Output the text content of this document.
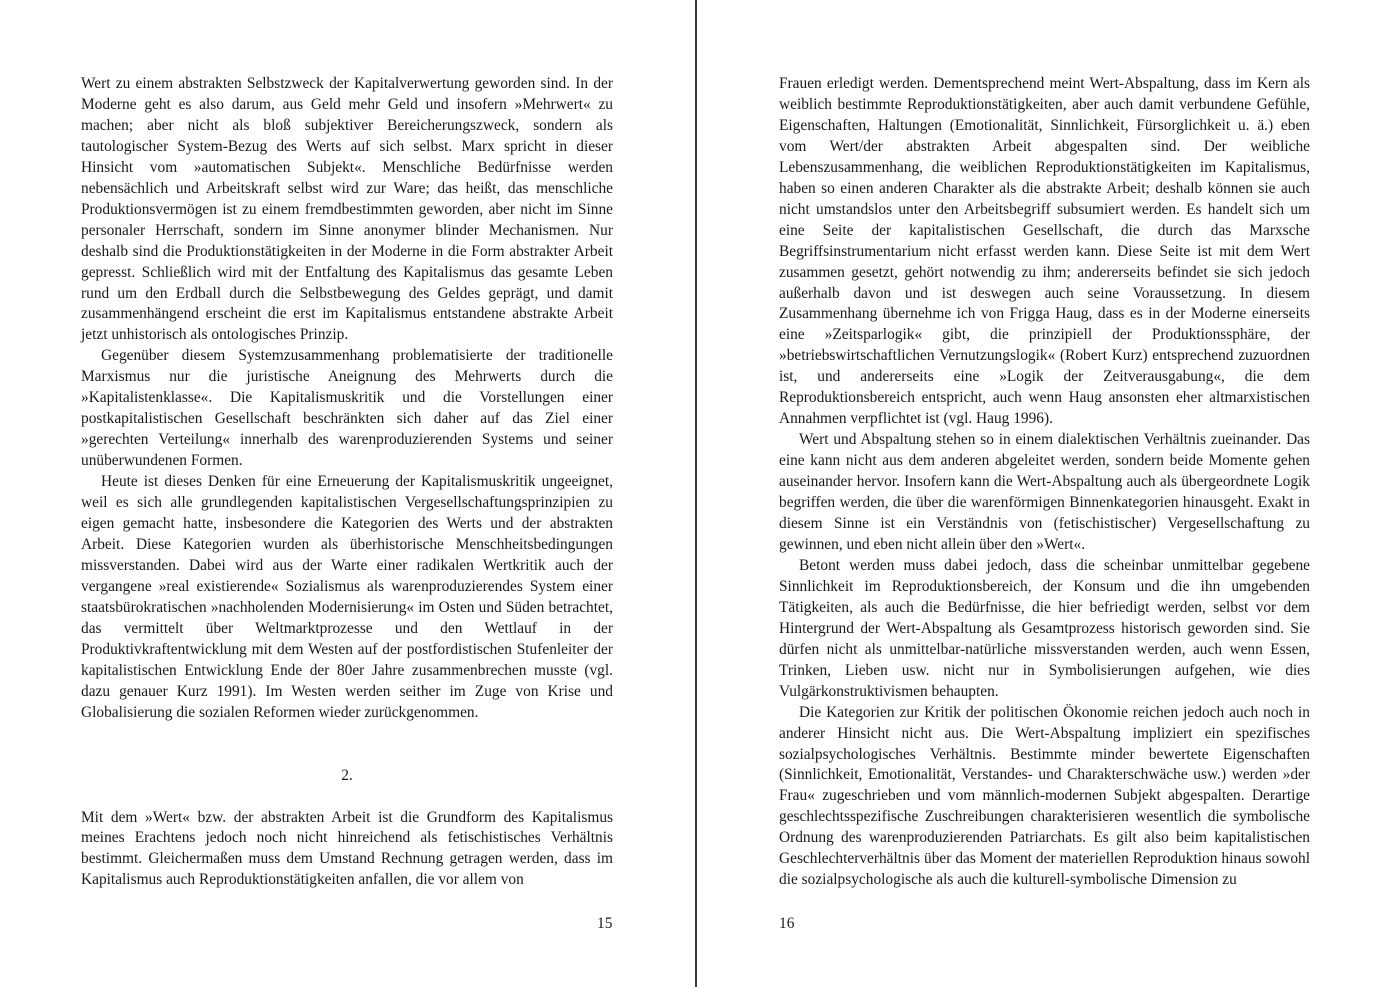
Wert zu einem abstrakten Selbstzweck der Kapitalverwertung geworden sind. In der Moderne geht es also darum, aus Geld mehr Geld und insofern »Mehrwert« zu machen; aber nicht als bloß subjektiver Bereicherungszweck, sondern als tautologischer System-Bezug des Werts auf sich selbst. Marx spricht in dieser Hinsicht vom »automatischen Subjekt«. Menschliche Bedürfnisse werden nebensächlich und Arbeitskraft selbst wird zur Ware; das heißt, das menschliche Produktionsvermögen ist zu einem fremdbestimmten geworden, aber nicht im Sinne personaler Herrschaft, sondern im Sinne anonymer blinder Mechanismen. Nur deshalb sind die Produktionstätigkeiten in der Moderne in die Form abstrakter Arbeit gepresst. Schließlich wird mit der Entfaltung des Kapitalismus das gesamte Leben rund um den Erdball durch die Selbstbewegung des Geldes geprägt, und damit zusammenhängend erscheint die erst im Kapitalismus entstandene abstrakte Arbeit jetzt unhistorisch als ontologisches Prinzip.

Gegenüber diesem Systemzusammenhang problematisierte der traditionelle Marxismus nur die juristische Aneignung des Mehrwerts durch die »Kapitalistenklasse«. Die Kapitalismuskritik und die Vorstellungen einer postkapitalistischen Gesellschaft beschränkten sich daher auf das Ziel einer »gerechten Verteilung« innerhalb des warenproduzierenden Systems und seiner unüberwundenen Formen.

Heute ist dieses Denken für eine Erneuerung der Kapitalismuskritik ungeeignet, weil es sich alle grundlegenden kapitalistischen Vergesellschaftungsprinzipien zu eigen gemacht hatte, insbesondere die Kategorien des Werts und der abstrakten Arbeit. Diese Kategorien wurden als überhistorische Menschheitsbedingungen missverstanden. Dabei wird aus der Warte einer radikalen Wertkritik auch der vergangene »real existierende« Sozialismus als warenproduzierendes System einer staatsbürokratischen »nachholenden Modernisierung« im Osten und Süden betrachtet, das vermittelt über Weltmarktprozesse und den Wettlauf in der Produktivkraftentwicklung mit dem Westen auf der postfordistischen Stufenleiter der kapitalistischen Entwicklung Ende der 80er Jahre zusammenbrechen musste (vgl. dazu genauer Kurz 1991). Im Westen werden seither im Zuge von Krise und Globalisierung die sozialen Reformen wieder zurückgenommen.

2.

Mit dem »Wert« bzw. der abstrakten Arbeit ist die Grundform des Kapitalismus meines Erachtens jedoch noch nicht hinreichend als fetischistisches Verhältnis bestimmt. Gleichermaßen muss dem Umstand Rechnung getragen werden, dass im Kapitalismus auch Reproduktionstätigkeiten anfallen, die vor allem von

15

Frauen erledigt werden. Dementsprechend meint Wert-Abspaltung, dass im Kern als weiblich bestimmte Reproduktionstätigkeiten, aber auch damit verbundene Gefühle, Eigenschaften, Haltungen (Emotionalität, Sinnlichkeit, Fürsorglichkeit u. ä.) eben vom Wert/der abstrakten Arbeit abgespalten sind. Der weibliche Lebenszusammenhang, die weiblichen Reproduktionstätigkeiten im Kapitalismus, haben so einen anderen Charakter als die abstrakte Arbeit; deshalb können sie auch nicht umstandslos unter den Arbeitsbegriff subsumiert werden. Es handelt sich um eine Seite der kapitalistischen Gesellschaft, die durch das Marxsche Begriffsinstrumentarium nicht erfasst werden kann. Diese Seite ist mit dem Wert zusammen gesetzt, gehört notwendig zu ihm; andererseits befindet sie sich jedoch außerhalb davon und ist deswegen auch seine Voraussetzung. In diesem Zusammenhang übernehme ich von Frigga Haug, dass es in der Moderne einerseits eine »Zeitsparlogik« gibt, die prinzipiell der Produktionssphäre, der »betriebswirtschaftlichen Vernutzungslogik« (Robert Kurz) entsprechend zuzuordnen ist, und andererseits eine »Logik der Zeitverausgabung«, die dem Reproduktionsbereich entspricht, auch wenn Haug ansonsten eher altmarxistischen Annahmen verpflichtet ist (vgl. Haug 1996).

Wert und Abspaltung stehen so in einem dialektischen Verhältnis zueinander. Das eine kann nicht aus dem anderen abgeleitet werden, sondern beide Momente gehen auseinander hervor. Insofern kann die Wert-Abspaltung auch als übergeordnete Logik begriffen werden, die über die warenförmigen Binnenkategorien hinausgeht. Exakt in diesem Sinne ist ein Verständnis von (fetischistischer) Vergesellschaftung zu gewinnen, und eben nicht allein über den »Wert«.

Betont werden muss dabei jedoch, dass die scheinbar unmittelbar gegebene Sinnlichkeit im Reproduktionsbereich, der Konsum und die ihn umgebenden Tätigkeiten, als auch die Bedürfnisse, die hier befriedigt werden, selbst vor dem Hintergrund der Wert-Abspaltung als Gesamtprozess historisch geworden sind. Sie dürfen nicht als unmittelbar-natürliche missverstanden werden, auch wenn Essen, Trinken, Lieben usw. nicht nur in Symbolisierungen aufgehen, wie dies Vulgärkonstruktivismen behaupten.

Die Kategorien zur Kritik der politischen Ökonomie reichen jedoch auch noch in anderer Hinsicht nicht aus. Die Wert-Abspaltung impliziert ein spezifisches sozialpsychologisches Verhältnis. Bestimmte minder bewertete Eigenschaften (Sinnlichkeit, Emotionalität, Verstandes- und Charakterschwäche usw.) werden »der Frau« zugeschrieben und vom männlich-modernen Subjekt abgespalten. Derartige geschlechtsspezifische Zuschreibungen charakterisieren wesentlich die symbolische Ordnung des warenproduzierenden Patriarchats. Es gilt also beim kapitalistischen Geschlechterverhältnis über das Moment der materiellen Reproduktion hinaus sowohl die sozialpsychologische als auch die kulturell-symbolische Dimension zu

16
